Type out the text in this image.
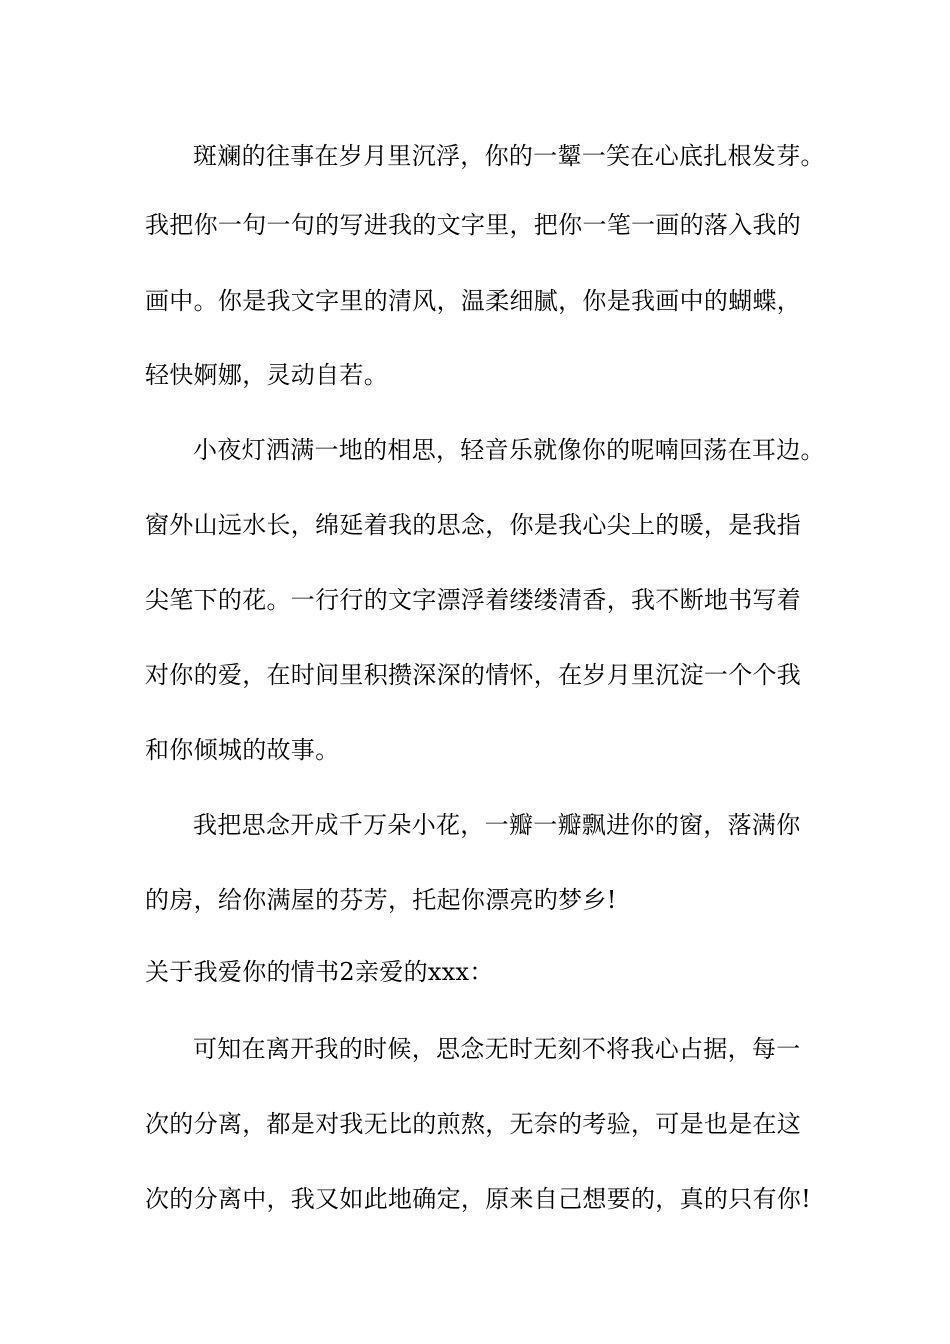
斑斓的往事在岁月里沉浮，你的一颦一笑在心底扎根发芽。
我把你一句一句的写进我的文字里，把你一笔一画的落入我的
画中。你是我文字里的清风，温柔细腻，你是我画中的蝴蝶，
轻快婀娜，灵动自若。
小夜灯洒满一地的相思，轻音乐就像你的呢喃回荡在耳边。
窗外山远水长，绵延着我的思念，你是我心尖上的暖，是我指
尖笔下的花。一行行的文字漂浮着缕缕清香，我不断地书写着
对你的爱，在时间里积攒深深的情怀，在岁月里沉淀一个个我
和你倾城的故事。
我把思念开成千万朵小花，一瓣一瓣飘进你的窗，落满你
的房，给你满屋的芬芳，托起你漂亮旳梦乡!
关于我爱你的情书2亲爱的xxx：
可知在离开我的时候，思念无时无刻不将我心占据，每一
次的分离，都是对我无比的煎熬，无奈的考验，可是也是在这
次的分离中，我又如此地确定，原来自己想要的，真的只有你!
